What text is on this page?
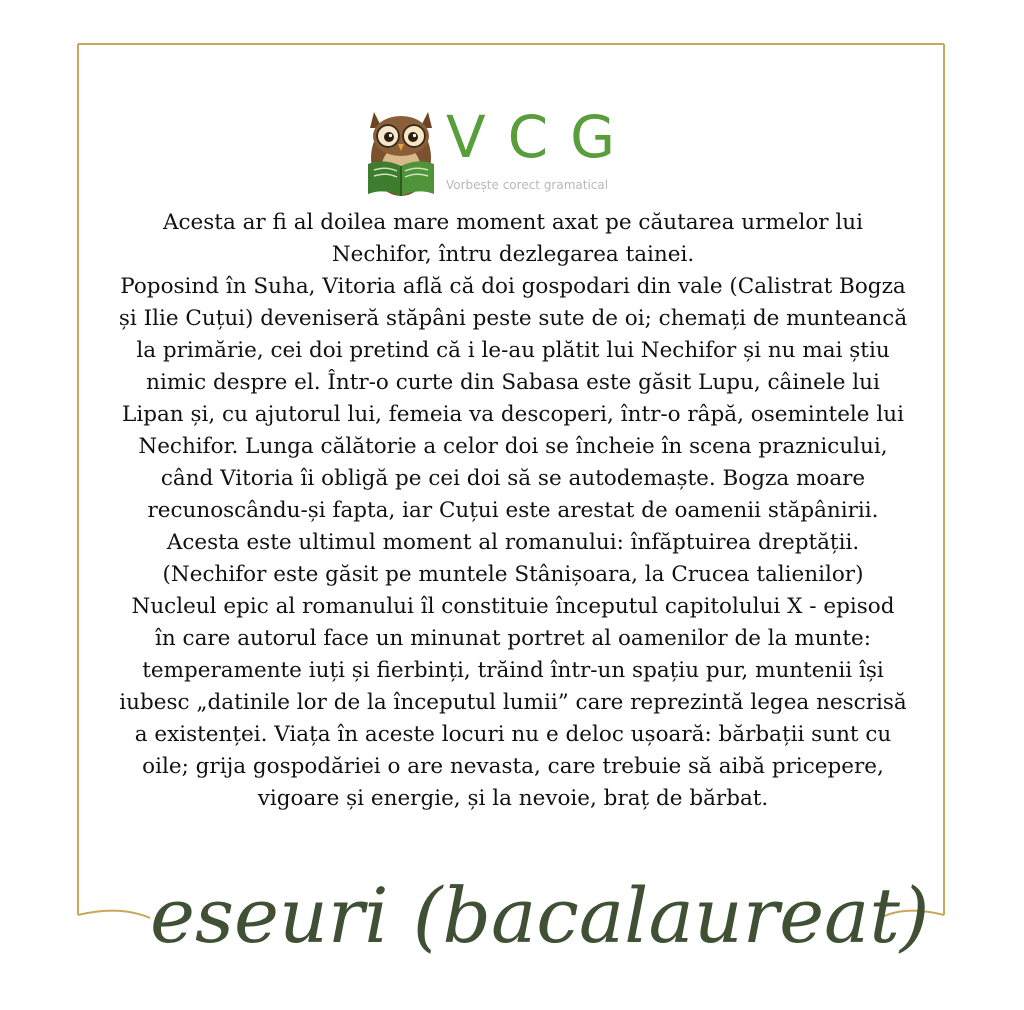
VCG
Vorbește corect gramatical

Acesta ar fi al doilea mare moment axat pe căutarea urmelor lui Nechifor, întru dezlegarea tainei.

Poposind în Suha, Vitoria află că doi gospodari din vale (Calistrat Bogza și Ilie Cuțui) deveniseră stăpâni peste sute de oi; chemați de munteancă la primărie, cei doi pretind că i le-au plătit lui Nechifor și nu mai știu nimic despre el. Într-o curte din Sabasa este găsit Lupu, câinele lui Lipan și, cu ajutorul lui, femeia va descoperi, într-o râpă, osemintele lui Nechifor. Lunga călătorie a celor doi se încheie în scena praznicului, când Vitoria îi obligă pe cei doi să se autodemaște. Bogza moare recunoscându-și fapta, iar Cuțui este arestat de oamenii stăpânirii. Acesta este ultimul moment al romanului: înfăptuirea dreptății. (Nechifor este găsit pe muntele Stânișoara, la Crucea talienilor)

Nucleul epic al romanului îl constituie începutul capitolului X - episod în care autorul face un minunat portret al oamenilor de la munte: temperamente iuți și fierbinți, trăind într-un spațiu pur, muntenii își iubesc „datinile lor de la începutul lumii” care reprezintă legea nescrisă a existenței. Viața în aceste locuri nu e deloc ușoară: bărbații sunt cu oile; grija gospodăriei o are nevasta, care trebuie să aibă pricepere, vigoare și energie, și la nevoie, braț de bărbat.

eseuri (bacalaureat)
